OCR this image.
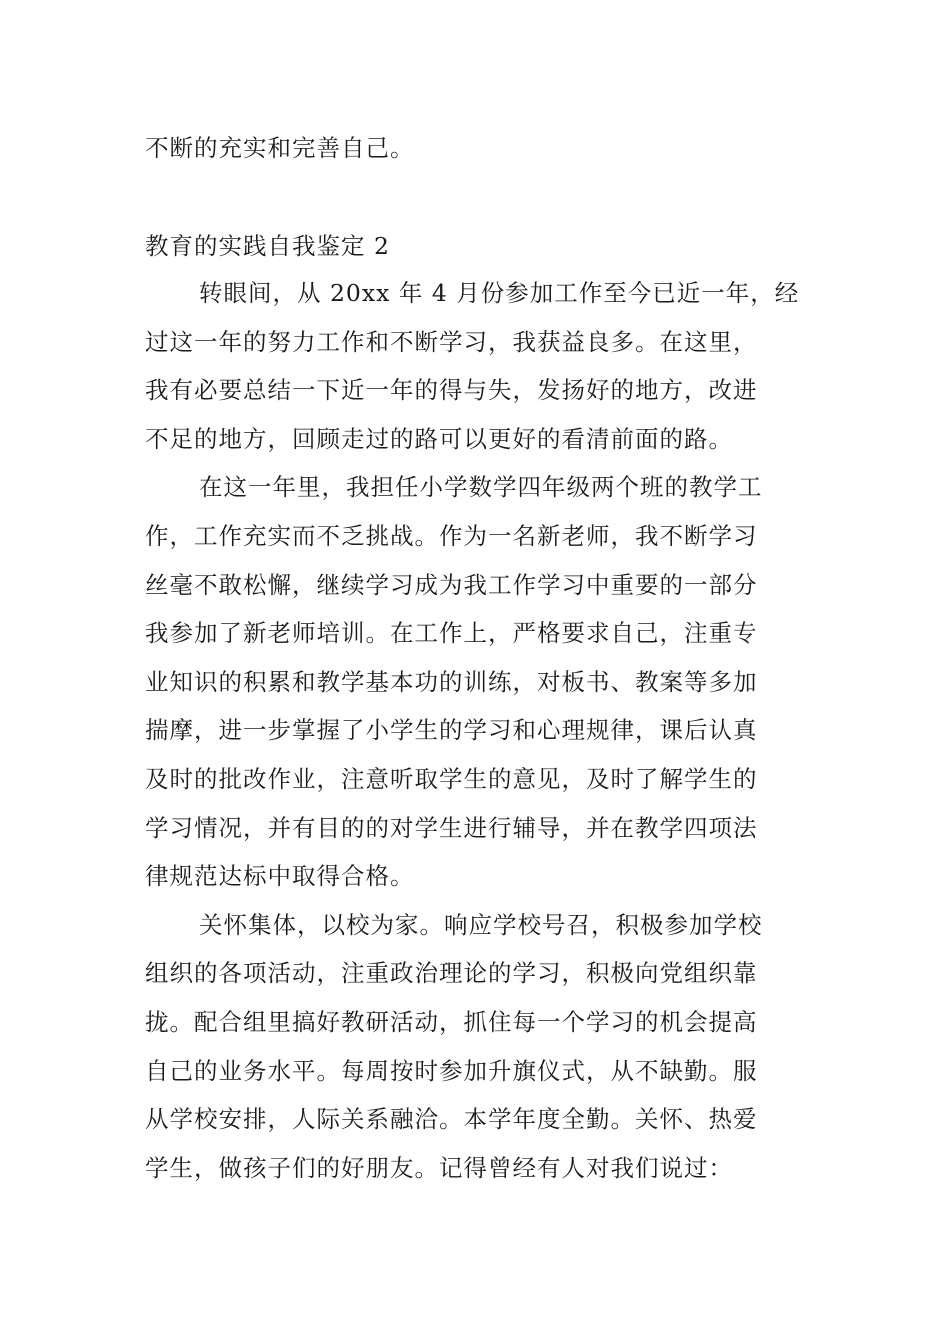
不断的充实和完善自己。
教育的实践自我鉴定 2
转眼间，从 20xx 年 4 月份参加工作至今已近一年，经
过这一年的努力工作和不断学习，我获益良多。在这里，
我有必要总结一下近一年的得与失，发扬好的地方，改进
不足的地方，回顾走过的路可以更好的看清前面的路。
在这一年里，我担任小学数学四年级两个班的教学工
作，工作充实而不乏挑战。作为一名新老师，我不断学习
丝毫不敢松懈，继续学习成为我工作学习中重要的一部分
我参加了新老师培训。在工作上，严格要求自己，注重专
业知识的积累和教学基本功的训练，对板书、教案等多加
揣摩，进一步掌握了小学生的学习和心理规律，课后认真
及时的批改作业，注意听取学生的意见，及时了解学生的
学习情况，并有目的的对学生进行辅导，并在教学四项法
律规范达标中取得合格。
关怀集体，以校为家。响应学校号召，积极参加学校
组织的各项活动，注重政治理论的学习，积极向党组织靠
拢。配合组里搞好教研活动，抓住每一个学习的机会提高
自己的业务水平。每周按时参加升旗仪式，从不缺勤。服
从学校安排，人际关系融洽。本学年度全勤。关怀、热爱
学生，做孩子们的好朋友。记得曾经有人对我们说过：
